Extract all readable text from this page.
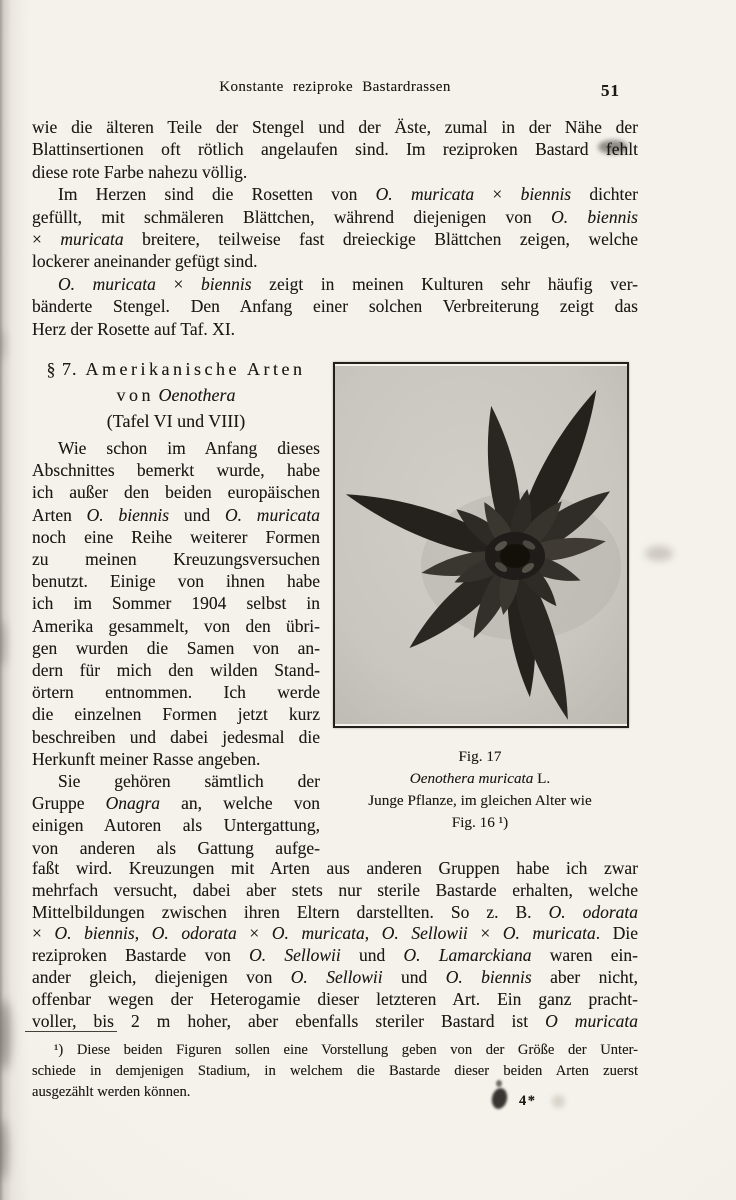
Konstante reziproke Bastardrassen	51
wie die älteren Teile der Stengel und der Äste, zumal in der Nähe der
Blattinsertionen oft rötlich angelaufen sind. Im reziproken Bastard fehlt
diese rote Farbe nahezu völlig.
Im Herzen sind die Rosetten von O. muricata × biennis dichter
gefüllt, mit schmäleren Blättchen, während diejenigen von O. biennis
× muricata breitere, teilweise fast dreieckige Blättchen zeigen, welche
lockerer aneinander gefügt sind.
O. muricata × biennis zeigt in meinen Kulturen sehr häufig ver-
bänderte Stengel. Den Anfang einer solchen Verbreiterung zeigt das
Herz der Rosette auf Taf. XI.
§ 7. Amerikanische Arten
von Oenothera
(Tafel VI und VIII)
Wie schon im Anfang dieses
Abschnittes bemerkt wurde, habe
ich außer den beiden europäischen
Arten O. biennis und O. muricata
noch eine Reihe weiterer Formen
zu meinen Kreuzungsversuchen
benutzt. Einige von ihnen habe
ich im Sommer 1904 selbst in
Amerika gesammelt, von den übri-
gen wurden die Samen von an-
dern für mich den wilden Stand-
örtern entnommen. Ich werde
die einzelnen Formen jetzt kurz
beschreiben und dabei jedesmal die
Herkunft meiner Rasse angeben.
Sie gehören sämtlich der
Gruppe Onagra an, welche von
einigen Autoren als Untergattung,
von anderen als Gattung aufge-
Fig. 17
Oenothera muricata L.
Junge Pflanze, im gleichen Alter wie
Fig. 16 ¹)
faßt wird. Kreuzungen mit Arten aus anderen Gruppen habe ich zwar
mehrfach versucht, dabei aber stets nur sterile Bastarde erhalten, welche
Mittelbildungen zwischen ihren Eltern darstellten. So z. B. O. odorata
× O. biennis, O. odorata × O. muricata, O. Sellowii × O. muricata. Die
reziproken Bastarde von O. Sellowii und O. Lamarckiana waren ein-
ander gleich, diejenigen von O. Sellowii und O. biennis aber nicht,
offenbar wegen der Heterogamie dieser letzteren Art. Ein ganz pracht-
voller, bis 2 m hoher, aber ebenfalls steriler Bastard ist O muricata
¹) Diese beiden Figuren sollen eine Vorstellung geben von der Größe der Unter-
schiede in demjenigen Stadium, in welchem die Bastarde dieser beiden Arten zuerst
ausgezählt werden können.
4*
